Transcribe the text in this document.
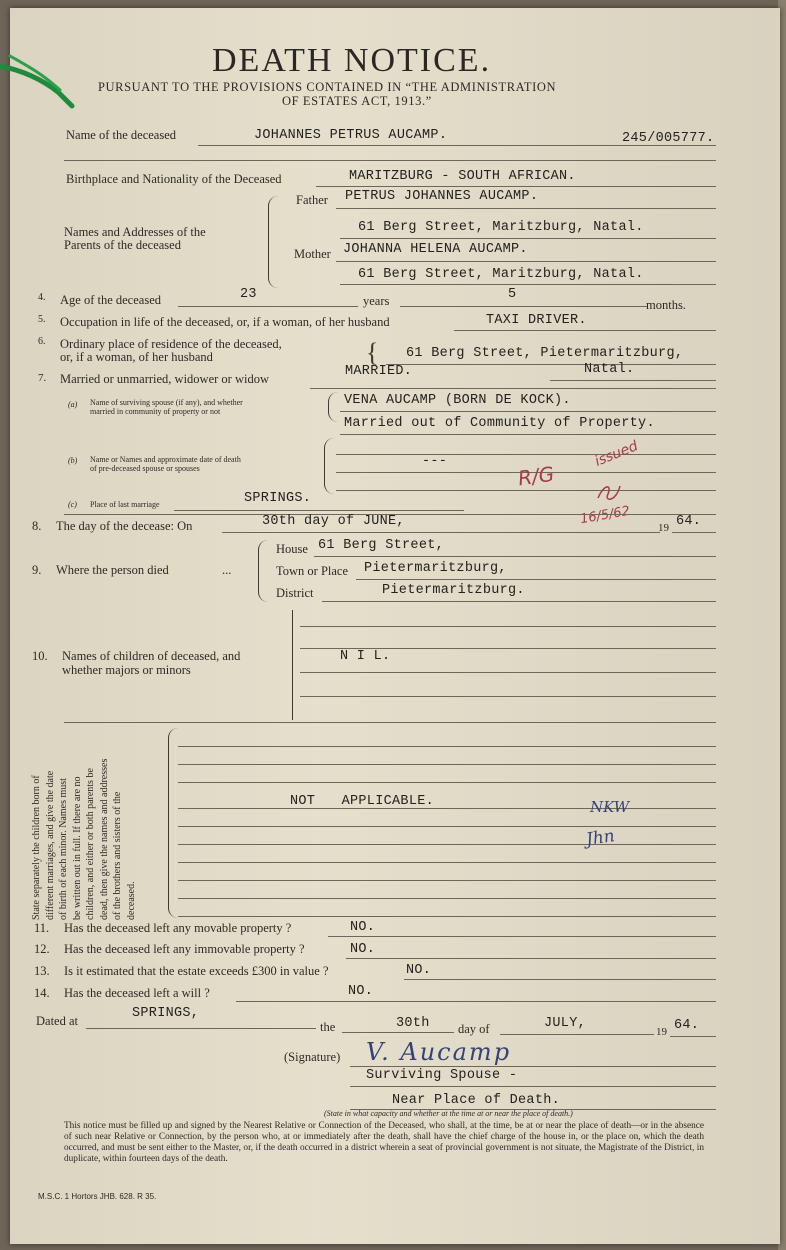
DEATH NOTICE.
PURSUANT TO THE PROVISIONS CONTAINED IN “THE ADMINISTRATION
OF ESTATES ACT, 1913.”
Name of the deceased	JOHANNES PETRUS AUCAMP.	245/005777.
Birthplace and Nationality of the Deceased	MARITZBURG - SOUTH AFRICAN.
Names and Addresses of the
Parents of the deceased
Father PETRUS JOHANNES AUCAMP.
61 Berg Street, Maritzburg, Natal.
Mother JOHANNA HELENA AUCAMP.
61 Berg Street, Maritzburg, Natal.
4. Age of the deceased	23	years	5
months.
5. Occupation in life of the deceased, or, if a woman, of her husband	TAXI DRIVER.
6. Ordinary place of residence of the deceased,
or, if a woman, of her husband	{ 61 Berg Street, Pietermaritzburg,
Natal.
7. Married or unmarried, widower or widow	MARRIED.
(a) Name of surviving spouse (if any), and whether
married in community of property or not
VENA AUCAMP (BORN DE KOCK).
Married out of Community of Property.
(b) Name or Names and approximate date of death
of pre-deceased spouse or spouses	---
(c) Place of last marriage	SPRINGS.
R/G
issued
16/5/62
8. The day of the decease: On	30th day of JUNE,	19 64.
9. Where the person died	...
House 61 Berg Street,
Town or Place Pietermaritzburg,
District	Pietermaritzburg.
10. Names of children of deceased, and
whether majors or minors
N I L.
State separately the children born of different marriages, and give the date of birth of each minor. Names must be written out in full. If there are no children, and either or both parents be dead, then give the names and addresses of the brothers and sisters of the deceased.
NOT APPLICABLE.	NKW
Jhn
11. Has the deceased left any movable property ?	NO.
12. Has the deceased left any immovable property ?	NO.
13. Is it estimated that the estate exceeds £300 in value ?	NO.
14. Has the deceased left a will ?	NO.
Dated at	SPRINGS,
the	30th day of	JULY,
19 64.
(Signature) V. Aucamp
Surviving Spouse -
Near Place of Death.
(State in what capacity and whether at the time at or near the place of death.)
This notice must be filled up and signed by the Nearest Relative or Connection of the Deceased, who shall, at the time, be at or near the place of death—or in the absence of such near Relative or Connection, by the person who, at or immediately after the death, shall have the chief charge of the house in, or the place on, which the death occurred, and must be sent either to the Master, or, if the death occurred in a district wherein a seat of provincial government is not situate, the Magistrate of the District, in duplicate, within fourteen days of the death.
M.S.C. 1 Hortors JHB. 628. R 35.
